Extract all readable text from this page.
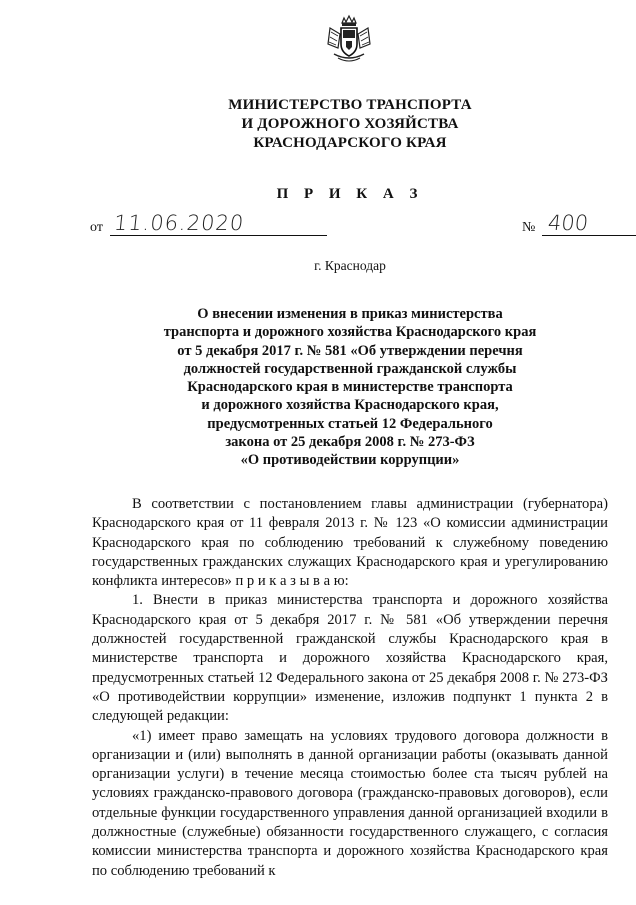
МИНИСТЕРСТВО ТРАНСПОРТА
И ДОРОЖНОГО ХОЗЯЙСТВА
КРАСНОДАРСКОГО КРАЯ
П Р И К А З
от 11.06.2020	№ 400
г. Краснодар
О внесении изменения в приказ министерства
транспорта и дорожного хозяйства Краснодарского края
от 5 декабря 2017 г. № 581 «Об утверждении перечня
должностей государственной гражданской службы
Краснодарского края в министерстве транспорта
и дорожного хозяйства Краснодарского края,
предусмотренных статьей 12 Федерального
закона от 25 декабря 2008 г. № 273-ФЗ
«О противодействии коррупции»

В соответствии с постановлением главы администрации (губернатора) Краснодарского края от 11 февраля 2013 г. № 123 «О комиссии администрации Краснодарского края по соблюдению требований к служебному поведению государственных гражданских служащих Краснодарского края и урегулированию конфликта интересов» п р и к а з ы в а ю:

1. Внести в приказ министерства транспорта и дорожного хозяйства Краснодарского края от 5 декабря 2017 г. № 581 «Об утверждении перечня должностей государственной гражданской службы Краснодарского края в министерстве транспорта и дорожного хозяйства Краснодарского края, предусмотренных статьей 12 Федерального закона от 25 декабря 2008 г. № 273-ФЗ «О противодействии коррупции» изменение, изложив подпункт 1 пункта 2 в следующей редакции:

«1) имеет право замещать на условиях трудового договора должности в организации и (или) выполнять в данной организации работы (оказывать данной организации услуги) в течение месяца стоимостью более ста тысяч рублей на условиях гражданско-правового договора (гражданско-правовых договоров), если отдельные функции государственного управления данной организацией входили в должностные (служебные) обязанности государственного служащего, с согласия комиссии министерства транспорта и дорожного хозяйства Краснодарского края по соблюдению требований к
